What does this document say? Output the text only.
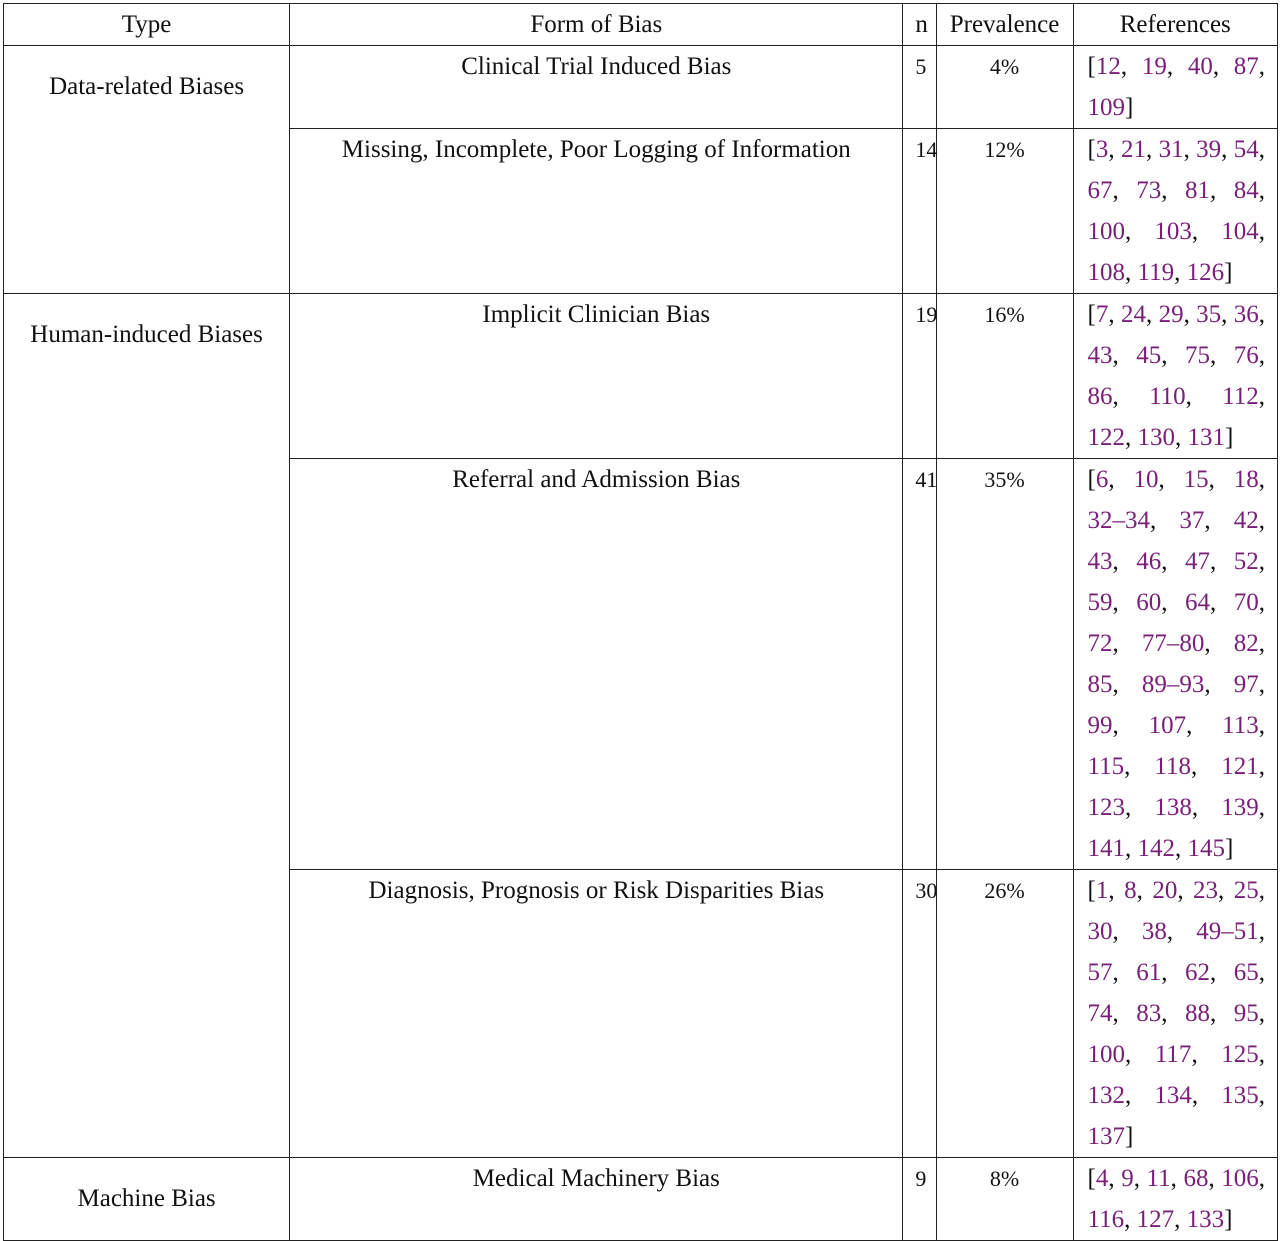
Type	Form of Bias	n	Prevalence	References

Data-related Biases	Clinical Trial Induced Bias	5	4%	[12, 19, 40, 87, 109]
	Missing, Incomplete, Poor Logging of Information	14	12%	[3, 21, 31, 39, 54, 67, 73, 81, 84, 100, 103, 104, 108, 119, 126]

Human-induced Biases	Implicit Clinician Bias	19	16%	[7, 24, 29, 35, 36, 43, 45, 75, 76, 86, 110, 112, 122, 130, 131]
	Referral and Admission Bias	41	35%	[6, 10, 15, 18, 32–34, 37, 42, 43, 46, 47, 52, 59, 60, 64, 70, 72, 77–80, 82, 85, 89–93, 97, 99, 107, 113, 115, 118, 121, 123, 138, 139, 141, 142, 145]
	Diagnosis, Prognosis or Risk Disparities Bias	30	26%	[1, 8, 20, 23, 25, 30, 38, 49–51, 57, 61, 62, 65, 74, 83, 88, 95, 100, 117, 125, 132, 134, 135, 137]

Machine Bias	Medical Machinery Bias	9	8%	[4, 9, 11, 68, 106, 116, 127, 133]
